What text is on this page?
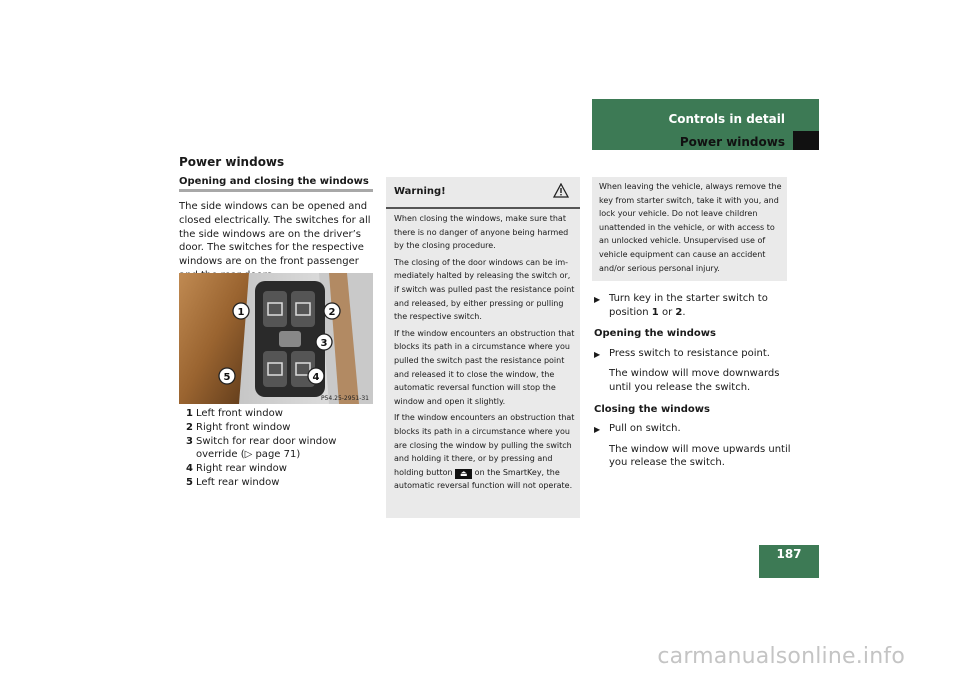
Controls in detail
Power windows
Power windows
Opening and closing the windows
The side windows can be opened and closed electrically. The switches for all the side windows are on the driver’s door. The switches for the respective windows are on the front passenger
1	2
3
4
5
P54.25-2951-31
1 Left front window
2 Right front window
3 Switch for rear door window override (▷ page 71)
4 Right rear window
5 Left rear window
Warning!

When closing the windows, make sure that there is no danger of anyone being harmed by the closing procedure.

The closing of the door windows can be im-mediately halted by releasing the switch or, if switch was pulled past the resistance point and released, by either pressing or pulling the respective switch.

If the window encounters an obstruction that blocks its path in a circumstance where you pulled the switch past the resistance point and released it to close the window, the automatic reversal function will stop the window and open it slightly.

If the window encounters an obstruction that blocks its path in a circumstance where you are closing the window by pulling the switch and holding it there, or by pressing and holding button ⏏ on the SmartKey, the automatic reversal function will not operate.

When leaving the vehicle, always remove the key from starter switch, take it with you, and lock your vehicle. Do not leave children unattended in the vehicle, or with access to an unlocked vehicle. Unsupervised use of vehicle equipment can cause an accident and/or serious personal injury.
▶ Turn key in the starter switch to position 1 or 2.
Opening the windows
▶ Press switch to resistance point.
The window will move downwards until you release the switch.
Closing the windows
▶ Pull on switch.
The window will move upwards until you release the switch.
187
carmanualsonline.info
